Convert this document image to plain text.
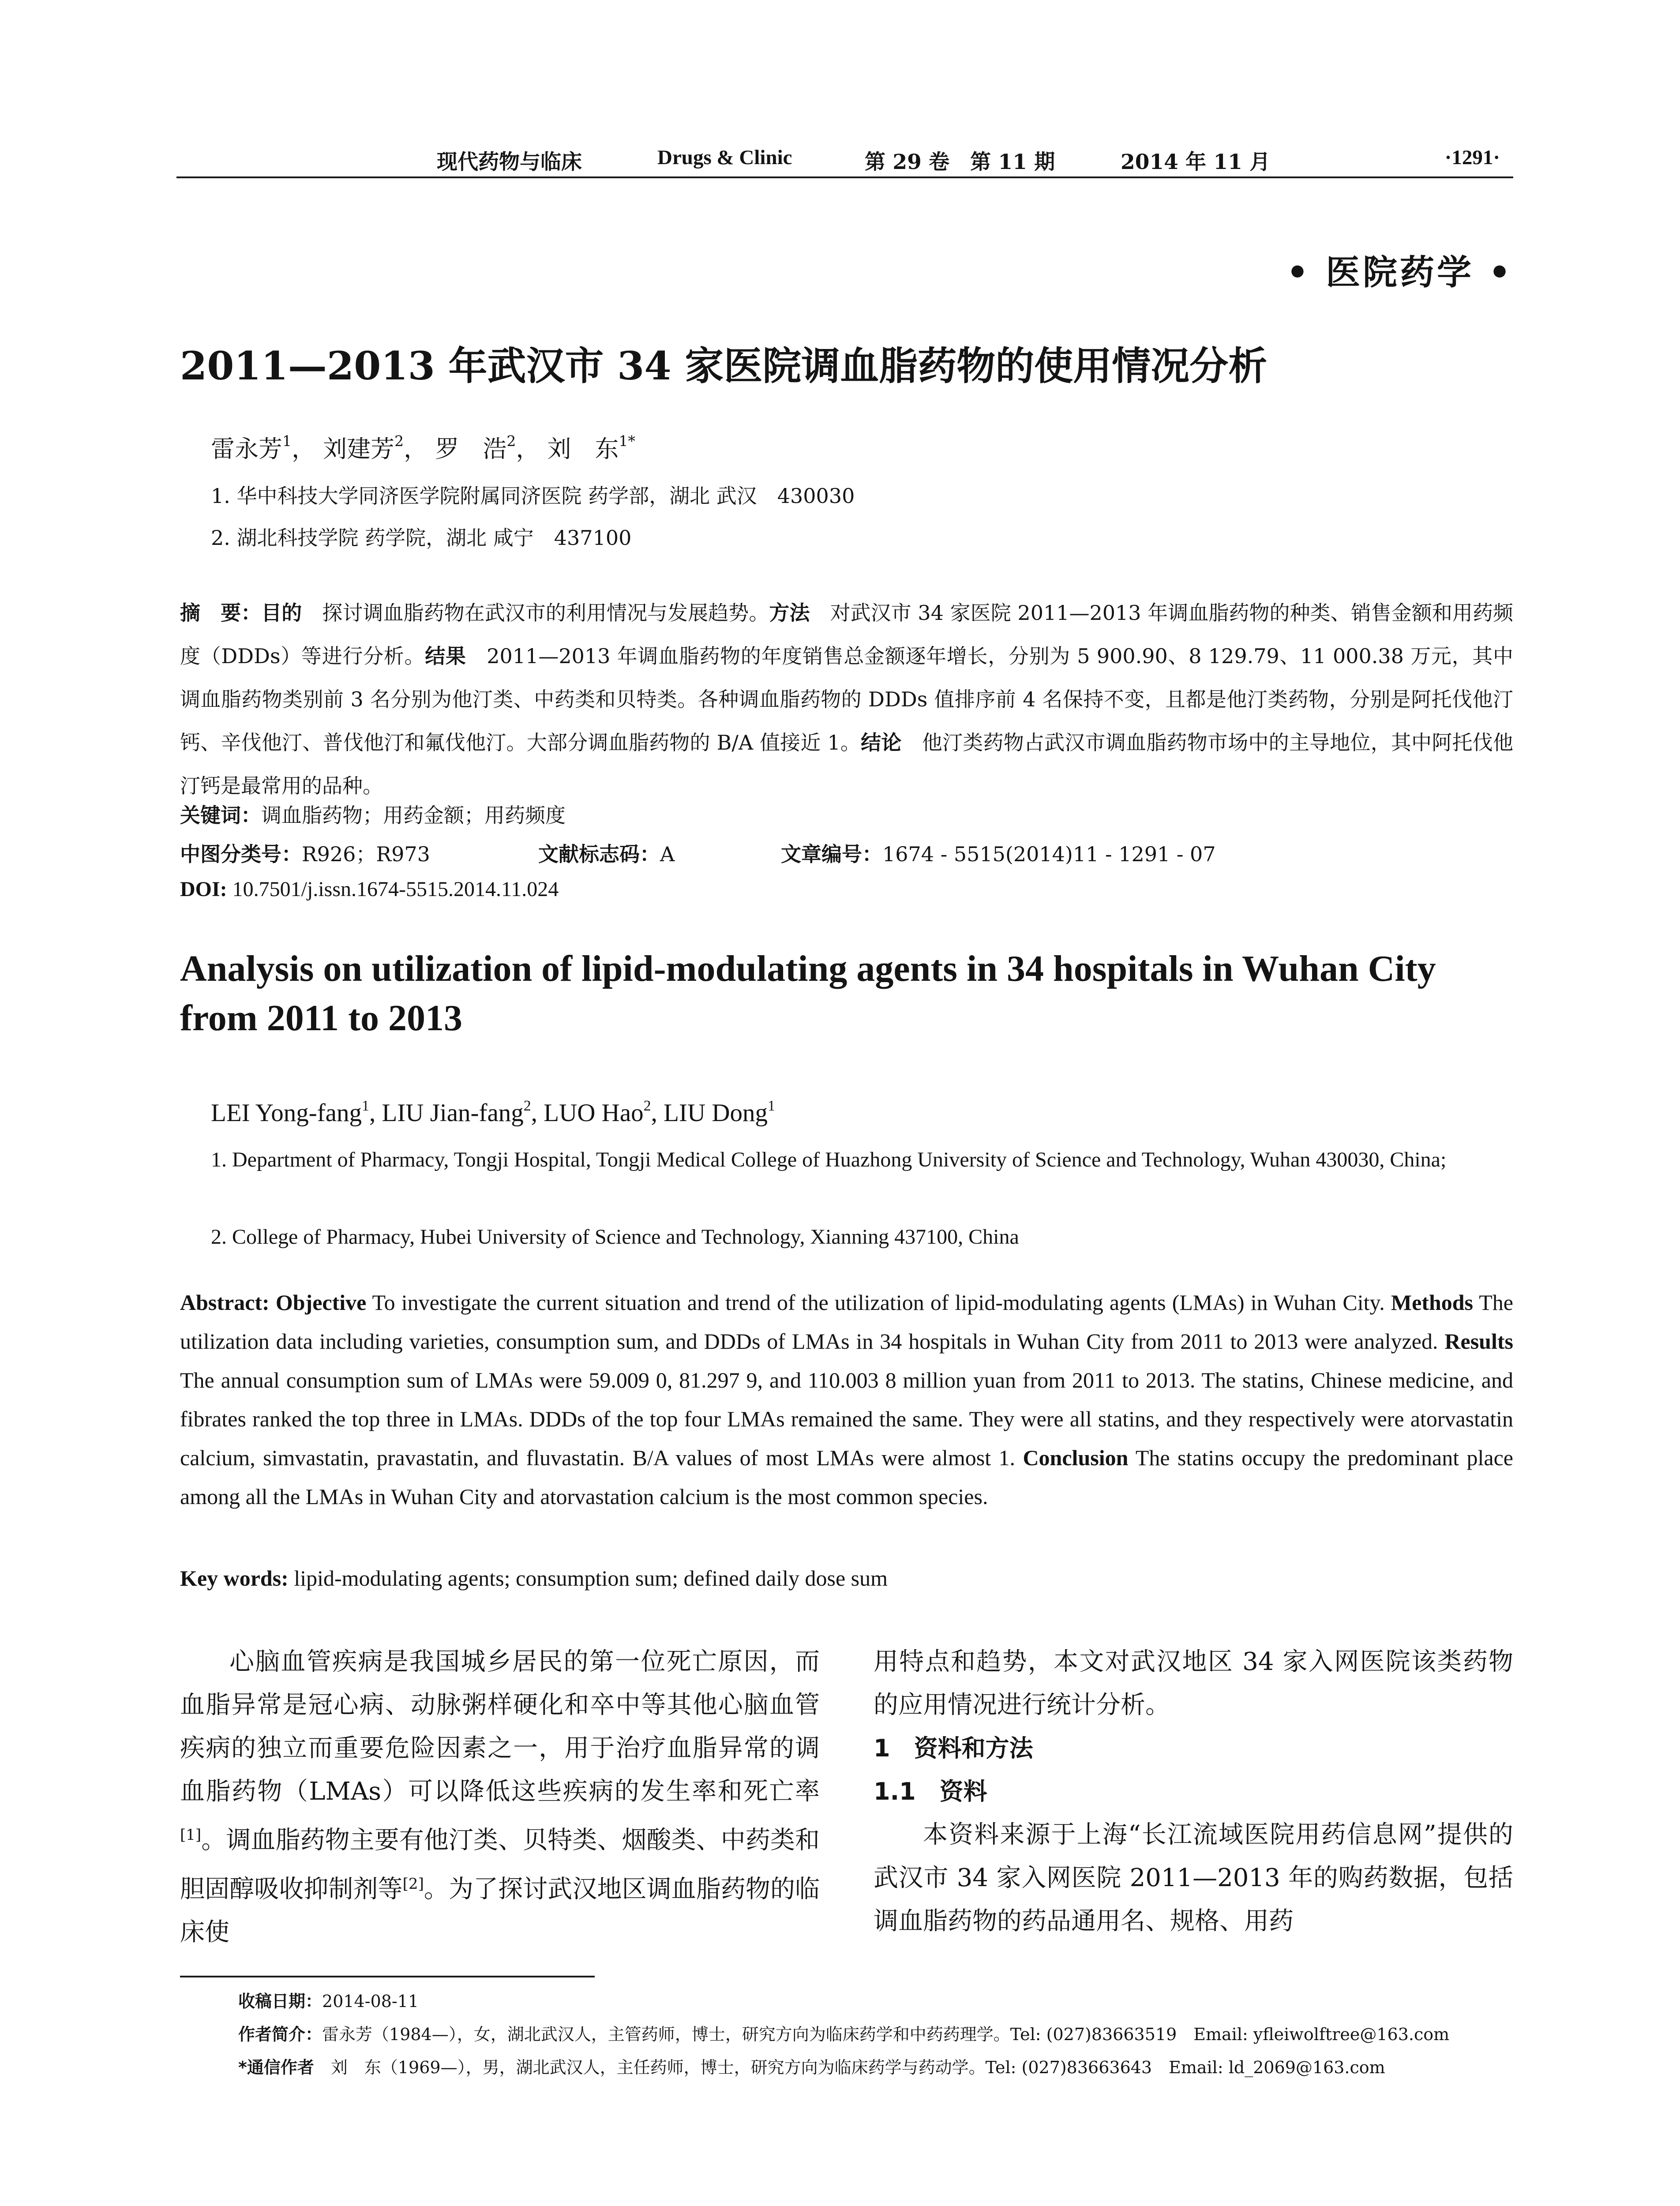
现代药物与临床	Drugs & Clinic	第 29 卷　第 11 期	2014 年 11 月	·1291·
• 医院药学 •
2011—2013 年武汉市 34 家医院调血脂药物的使用情况分析
雷永芳$^1$， 刘建芳$^2$， 罗　浩$^2$， 刘　东$^{1*}$
1. 华中科技大学同济医学院附属同济医院 药学部，湖北 武汉　430030
2. 湖北科技学院 药学院，湖北 咸宁　437100
摘　要：目的　探讨调血脂药物在武汉市的利用情况与发展趋势。方法　对武汉市 34 家医院 2011—2013 年调血脂药物的种类、销售金额和用药频度（DDDs）等进行分析。结果　2011—2013 年调血脂药物的年度销售总金额逐年增长，分别为 5 900.90、8 129.79、11 000.38 万元，其中调血脂药物类别前 3 名分别为他汀类、中药类和贝特类。各种调血脂药物的 DDDs 值排序前 4 名保持不变，且都是他汀类药物，分别是阿托伐他汀钙、辛伐他汀、普伐他汀和氟伐他汀。大部分调血脂药物的 B/A 值接近 1。结论　他汀类药物占武汉市调血脂药物市场中的主导地位，其中阿托伐他汀钙是最常用的品种。
关键词：调血脂药物；用药金额；用药频度
中图分类号：R926；R973	文献标志码：A	文章编号：1674 - 5515(2014)11 - 1291 - 07
DOI: 10.7501/j.issn.1674-5515.2014.11.024
Analysis on utilization of lipid-modulating agents in 34 hospitals in Wuhan City from 2011 to 2013
LEI Yong-fang$^1$, LIU Jian-fang$^2$, LUO Hao$^2$, LIU Dong$^1$
1. Department of Pharmacy, Tongji Hospital, Tongji Medical College of Huazhong University of Science and Technology, Wuhan 430030, China;
2. College of Pharmacy, Hubei University of Science and Technology, Xianning 437100, China
Abstract: Objective To investigate the current situation and trend of the utilization of lipid-modulating agents (LMAs) in Wuhan City. Methods The utilization data including varieties, consumption sum, and DDDs of LMAs in 34 hospitals in Wuhan City from 2011 to 2013 were analyzed. Results The annual consumption sum of LMAs were 59.009 0, 81.297 9, and 110.003 8 million yuan from 2011 to 2013. The statins, Chinese medicine, and fibrates ranked the top three in LMAs. DDDs of the top four LMAs remained the same. They were all statins, and they respectively were atorvastatin calcium, simvastatin, pravastatin, and fluvastatin. B/A values of most LMAs were almost 1. Conclusion The statins occupy the predominant place among all the LMAs in Wuhan City and atorvastation calcium is the most common species.
Key words: lipid-modulating agents; consumption sum; defined daily dose sum

心脑血管疾病是我国城乡居民的第一位死亡原因，而血脂异常是冠心病、动脉粥样硬化和卒中等其他心脑血管疾病的独立而重要危险因素之一，用于治疗血脂异常的调血脂药物（LMAs）可以降低这些疾病的发生率和死亡率[1]。调血脂药物主要有他汀类、贝特类、烟酸类、中药类和胆固醇吸收抑制剂等[2]。为了探讨武汉地区调血脂药物的临床使

用特点和趋势，本文对武汉地区 34 家入网医院该类药物的应用情况进行统计分析。

1　资料和方法
1.1　资料

本资料来源于上海“长江流域医院用药信息网”提供的武汉市 34 家入网医院 2011—2013 年的购药数据，包括调血脂药物的药品通用名、规格、用药

收稿日期：2014-08-11
作者简介：雷永芳（1984—），女，湖北武汉人，主管药师，博士，研究方向为临床药学和中药药理学。Tel: (027)83663519　Email: yfleiwolftree@163.com
*通信作者　刘　东（1969—），男，湖北武汉人，主任药师，博士，研究方向为临床药学与药动学。Tel: (027)83663643　Email: ld_2069@163.com
